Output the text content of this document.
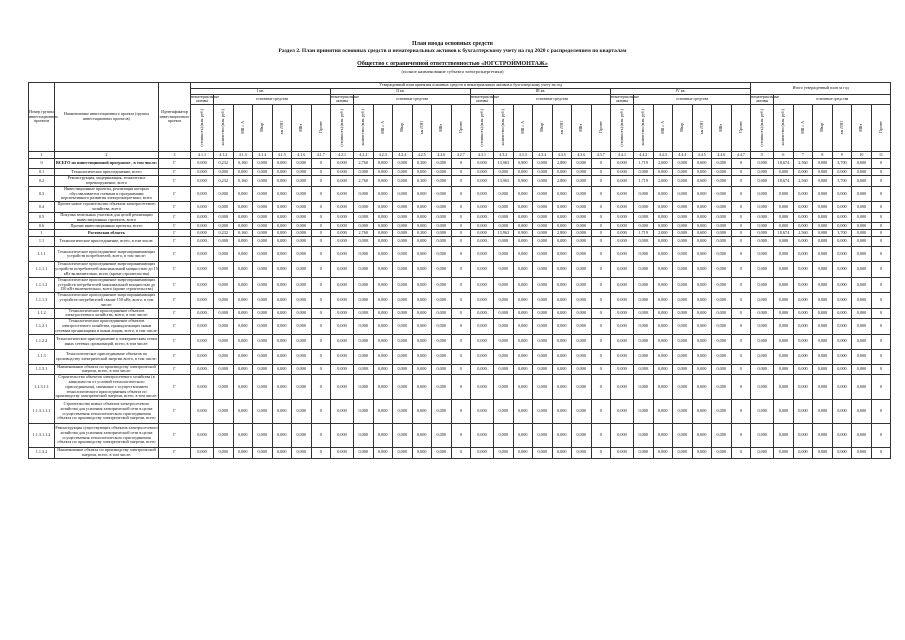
План ввода основных средств
Раздел 2. План принятия основных средств и нематериальных активов к бухгалтерскому учету на год 2020 с распределением по кварталам
Общество с ограниченной ответственностью «ЮГСТРОЙМОНТАЖ»
(полное наименование субъекта электроэнергетики)
Номер группы инвестиционных проектов	Наименование инвестиционного проекта (группы инвестиционных проектов)	Идентификатор инвестиционного проекта	Утвержденный план принятия основных средств и нематериальных активов к бухгалтерскому учету на год																												Итого утвержденный план за год						
			I кв.							II кв.							III кв.							IV кв.													
			нематериальные активы	основные средства						нематериальные активы	основные средства						нематериальные активы	основные средства						нематериальные активы	основные средства						нематериальные активы	основные средства					
			(стоимость) (млн. руб.)	количество (млн. руб.)	МВ×А	Мвар	км ЛЭП	МВт	Прочее	(стоимость) (млн. руб.)	количество (млн. руб.)	МВ×А	Мвар	км ЛЭП	МВт	Прочее	(стоимость) (млн. руб.)	количество (млн. руб.)	МВ×А	Мвар	км ЛЭП	МВт	Прочее	(стоимость) (млн. руб.)	количество (млн. руб.)	МВ×А	Мвар	км ЛЭП	МВт	Прочее	(стоимость) (млн. руб.)	количество (млн. руб.)	МВ×А	Мвар	км ЛЭП	МВт	Прочее
1	2	3	4.1.1	4.1.2	4.1.3	4.1.4	4.1.5	4.1.6	4.1.7	4.2.1	4.2.2	4.2.3	4.2.4	4.2.5	4.2.6	4.2.7	4.3.1	4.3.2	4.3.3	4.3.4	4.3.5	4.3.6	4.3.7	4.4.1	4.4.2	4.4.3	4.4.4	4.4.5	4.4.6	4.4.7	5	6	7	8	9	10	11
0	ВСЕГО по инвестиционной программе , в том числе:	Г	0,000	0,232	0,160	0,000	0,000	0,000	0	0,000	2,760	0,000	0,000	0,300	0,000	0	0,000	13,963	0,900	0,000	2,800	0,000	0	0,000	1,719	2,000	0,000	0,600	0,000	0	0,000	18,674	2,560	0,000	3,700	0,000	0
0.1	Технологическое присоединение, всего	Г	0,000	0,000	0,000	0,000	0,000	0,000	0	0,000	0,000	0,000	0,000	0,000	0,000	0	0,000	0,000	0,000	0,000	0,000	0,000	0	0,000	0,000	0,000	0,000	0,000	0,000	0	0,000	0,000	0,000	0,000	0,000	0,000	0
0.2	Реконструкция, модернизация, техническое перевооружение, всего	Г	0,000	0,232	0,160	0,000	0,000	0,000	0	0,000	2,760	0,000	0,000	0,300	0,000	0	0,000	13,963	0,900	0,000	2,800	0,000	0	0,000	1,719	2,000	0,000	0,600	0,000	0	0,000	18,674	2,560	0,000	3,700	0,000	0
0.3	Инвестиционные проекты, реализация которых обуславливается схемами и программами перспективного развития электроэнергетики, всего	Г	0,000	0,000	0,000	0,000	0,000	0,000	0	0,000	0,000	0,000	0,000	0,000	0,000	0	0,000	0,000	0,000	0,000	0,000	0,000	0	0,000	0,000	0,000	0,000	0,000	0,000	0	0,000	0,000	0,000	0,000	0,000	0,000	0
0.4	Прочее новое строительство объектов электросетевого хозяйства, всего	Г	0,000	0,000	0,000	0,000	0,000	0,000	0	0,000	0,000	0,000	0,000	0,000	0,000	0	0,000	0,000	0,000	0,000	0,000	0,000	0	0,000	0,000	0,000	0,000	0,000	0,000	0	0,000	0,000	0,000	0,000	0,000	0,000	0
0.5	Покупка земельных участков для целей реализации инвестиционных проектов, всего	Г	0,000	0,000	0,000	0,000	0,000	0,000	0	0,000	0,000	0,000	0,000	0,000	0,000	0	0,000	0,000	0,000	0,000	0,000	0,000	0	0,000	0,000	0,000	0,000	0,000	0,000	0	0,000	0,000	0,000	0,000	0,000	0,000	0
0.6	Прочие инвестиционные проекты, всего	Г	0,000	0,000	0,000	0,000	0,000	0,000	0	0,000	0,000	0,000	0,000	0,000	0,000	0	0,000	0,000	0,000	0,000	0,000	0,000	0	0,000	0,000	0,000	0,000	0,000	0,000	0	0,000	0,000	0,000	0,000	0,000	0,000	0
1	Ростовская область	Г	0,000	0,232	0,160	0,000	0,000	0,000	0	0,000	2,760	0,000	0,000	0,300	0,000	0	0,000	13,963	0,900	0,000	2,800	0,000	0	0,000	1,719	2,000	0,000	0,600	0,000	0	0,000	18,674	2,560	0,000	3,700	0,000	0
1.1	Технологическое присоединение, всего, в том числе:	Г	0,000	0,000	0,000	0,000	0,000	0,000	0	0,000	0,000	0,000	0,000	0,000	0,000	0	0,000	0,000	0,000	0,000	0,000	0,000	0	0,000	0,000	0,000	0,000	0,000	0,000	0	0,000	0,000	0,000	0,000	0,000	0,000	0
1.1.1	Технологическое присоединение энергопринимающих устройств потребителей, всего, в том числе:	Г	0,000	0,000	0,000	0,000	0,000	0,000	0	0,000	0,000	0,000	0,000	0,000	0,000	0	0,000	0,000	0,000	0,000	0,000	0,000	0	0,000	0,000	0,000	0,000	0,000	0,000	0	0,000	0,000	0,000	0,000	0,000	0,000	0
1.1.1.1	Технологическое присоединение энергопринимающих устройств потребителей максимальной мощностью до 15 кВт включительно, всего (кроме строительства)	Г	0,000	0,000	0,000	0,000	0,000	0,000	0	0,000	0,000	0,000	0,000	0,000	0,000	0	0,000	0,000	0,000	0,000	0,000	0,000	0	0,000	0,000	0,000	0,000	0,000	0,000	0	0,000	0,000	0,000	0,000	0,000	0,000	0
1.1.1.2	Технологическое присоединение энергопринимающих устройств потребителей максимальной мощностью до 150 кВт включительно, всего (кроме строительства)	Г	0,000	0,000	0,000	0,000	0,000	0,000	0	0,000	0,000	0,000	0,000	0,000	0,000	0	0,000	0,000	0,000	0,000	0,000	0,000	0	0,000	0,000	0,000	0,000	0,000	0,000	0	0,000	0,000	0,000	0,000	0,000	0,000	0
1.1.1.3	Технологическое присоединение энергопринимающих устройств потребителей свыше 150 кВт, всего, в том числе:	Г	0,000	0,000	0,000	0,000	0,000	0,000	0	0,000	0,000	0,000	0,000	0,000	0,000	0	0,000	0,000	0,000	0,000	0,000	0,000	0	0,000	0,000	0,000	0,000	0,000	0,000	0	0,000	0,000	0,000	0,000	0,000	0,000	0
1.1.2	Технологическое присоединение объектов электросетевого хозяйства, всего, в том числе:	Г	0,000	0,000	0,000	0,000	0,000	0,000	0	0,000	0,000	0,000	0,000	0,000	0,000	0	0,000	0,000	0,000	0,000	0,000	0,000	0	0,000	0,000	0,000	0,000	0,000	0,000	0	0,000	0,000	0,000	0,000	0,000	0,000	0
1.1.2.1	Технологическое присоединение объектов электросетевого хозяйства, принадлежащих иным сетевым организациям и иным лицам, всего, в том числе:	Г	0,000	0,000	0,000	0,000	0,000	0,000	0	0,000	0,000	0,000	0,000	0,000	0,000	0	0,000	0,000	0,000	0,000	0,000	0,000	0	0,000	0,000	0,000	0,000	0,000	0,000	0	0,000	0,000	0,000	0,000	0,000	0,000	0
1.1.2.2	Технологическое присоединение к электрическим сетям иных сетевых организаций, всего, в том числе:	Г	0,000	0,000	0,000	0,000	0,000	0,000	0	0,000	0,000	0,000	0,000	0,000	0,000	0	0,000	0,000	0,000	0,000	0,000	0,000	0	0,000	0,000	0,000	0,000	0,000	0,000	0	0,000	0,000	0,000	0,000	0,000	0,000	0
1.1.3	Технологическое присоединение объектов по производству электрической энергии всего, в том числе:	Г	0,000	0,000	0,000	0,000	0,000	0,000	0	0,000	0,000	0,000	0,000	0,000	0,000	0	0,000	0,000	0,000	0,000	0,000	0,000	0	0,000	0,000	0,000	0,000	0,000	0,000	0	0,000	0,000	0,000	0,000	0,000	0,000	0
1.1.3.1	Наименование объекта по производству электрической энергии, всего, в том числе:	Г	0,000	0,000	0,000	0,000	0,000	0,000	0	0,000	0,000	0,000	0,000	0,000	0,000	0	0,000	0,000	0,000	0,000	0,000	0,000	0	0,000	0,000	0,000	0,000	0,000	0,000	0	0,000	0,000	0,000	0,000	0,000	0,000	0
1.1.3.1.1	Строительство объектов электросетевого хозяйства (в зависимости от условий технологического присоединения), связанное с осуществлением технологического присоединения объекта по производству электрической энергии, всего, в том числе:	Г	0,000	0,000	0,000	0,000	0,000	0,000	0	0,000	0,000	0,000	0,000	0,000	0,000	0	0,000	0,000	0,000	0,000	0,000	0,000	0	0,000	0,000	0,000	0,000	0,000	0,000	0	0,000	0,000	0,000	0,000	0,000	0,000	0
1.1.3.1.1.1	Строительство новых объектов электросетевого хозяйства для усиления электрической сети в целях осуществления технологического присоединения объекта по производству электрической энергии, всего	Г	0,000	0,000	0,000	0,000	0,000	0,000	0	0,000	0,000	0,000	0,000	0,000	0,000	0	0,000	0,000	0,000	0,000	0,000	0,000	0	0,000	0,000	0,000	0,000	0,000	0,000	0	0,000	0,000	0,000	0,000	0,000	0,000	0
1.1.3.1.1.2	Реконструкция существующих объектов электросетевого хозяйства для усиления электрической сети в целях осуществления технологического присоединения объекта по производству электрической энергии, всего	Г	0,000	0,000	0,000	0,000	0,000	0,000	0	0,000	0,000	0,000	0,000	0,000	0,000	0	0,000	0,000	0,000	0,000	0,000	0,000	0	0,000	0,000	0,000	0,000	0,000	0,000	0	0,000	0,000	0,000	0,000	0,000	0,000	0
1.1.3.2	Наименование объекта по производству электрической энергии, всего, в том числе:	Г	0,000	0,000	0,000	0,000	0,000	0,000	0	0,000	0,000	0,000	0,000	0,000	0,000	0	0,000	0,000	0,000	0,000	0,000	0,000	0	0,000	0,000	0,000	0,000	0,000	0,000	0	0,000	0,000	0,000	0,000	0,000	0,000	0
